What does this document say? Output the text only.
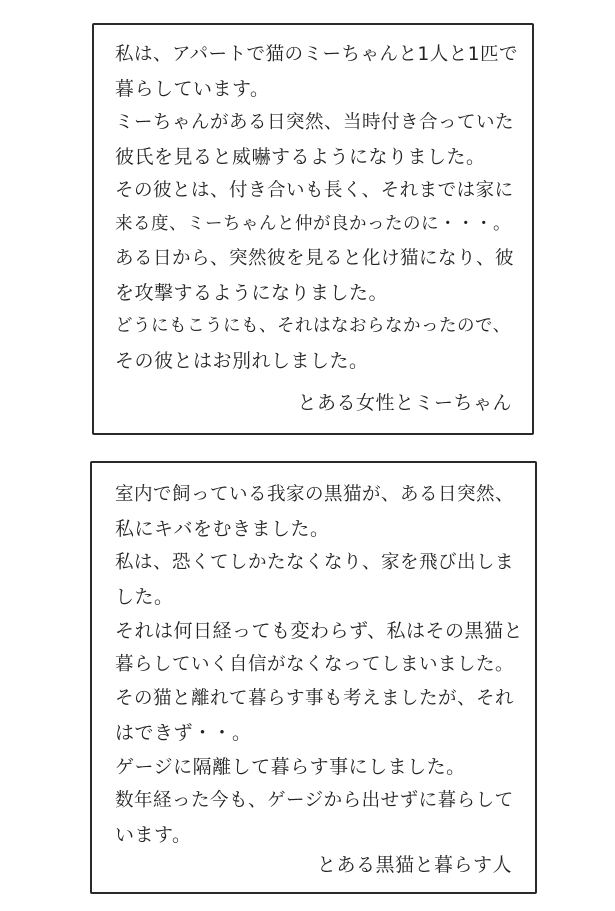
私は、アパートで猫のミーちゃんと1人と1匹で
暮らしています。
ミーちゃんがある日突然、当時付き合っていた
彼氏を見ると威嚇するようになりました。
その彼とは、付き合いも長く、それまでは家に
来る度、ミーちゃんと仲が良かったのに・・・。
ある日から、突然彼を見ると化け猫になり、彼
を攻撃するようになりました。
どうにもこうにも、それはなおらなかったので、
その彼とはお別れしました。
とある女性とミーちゃん
室内で飼っている我家の黒猫が、ある日突然、
私にキバをむきました。
私は、恐くてしかたなくなり、家を飛び出しま
した。
それは何日経っても変わらず、私はその黒猫と
暮らしていく自信がなくなってしまいました。
その猫と離れて暮らす事も考えましたが、それ
はできず・・。
ゲージに隔離して暮らす事にしました。
数年経った今も、ゲージから出せずに暮らして
います。
とある黒猫と暮らす人
